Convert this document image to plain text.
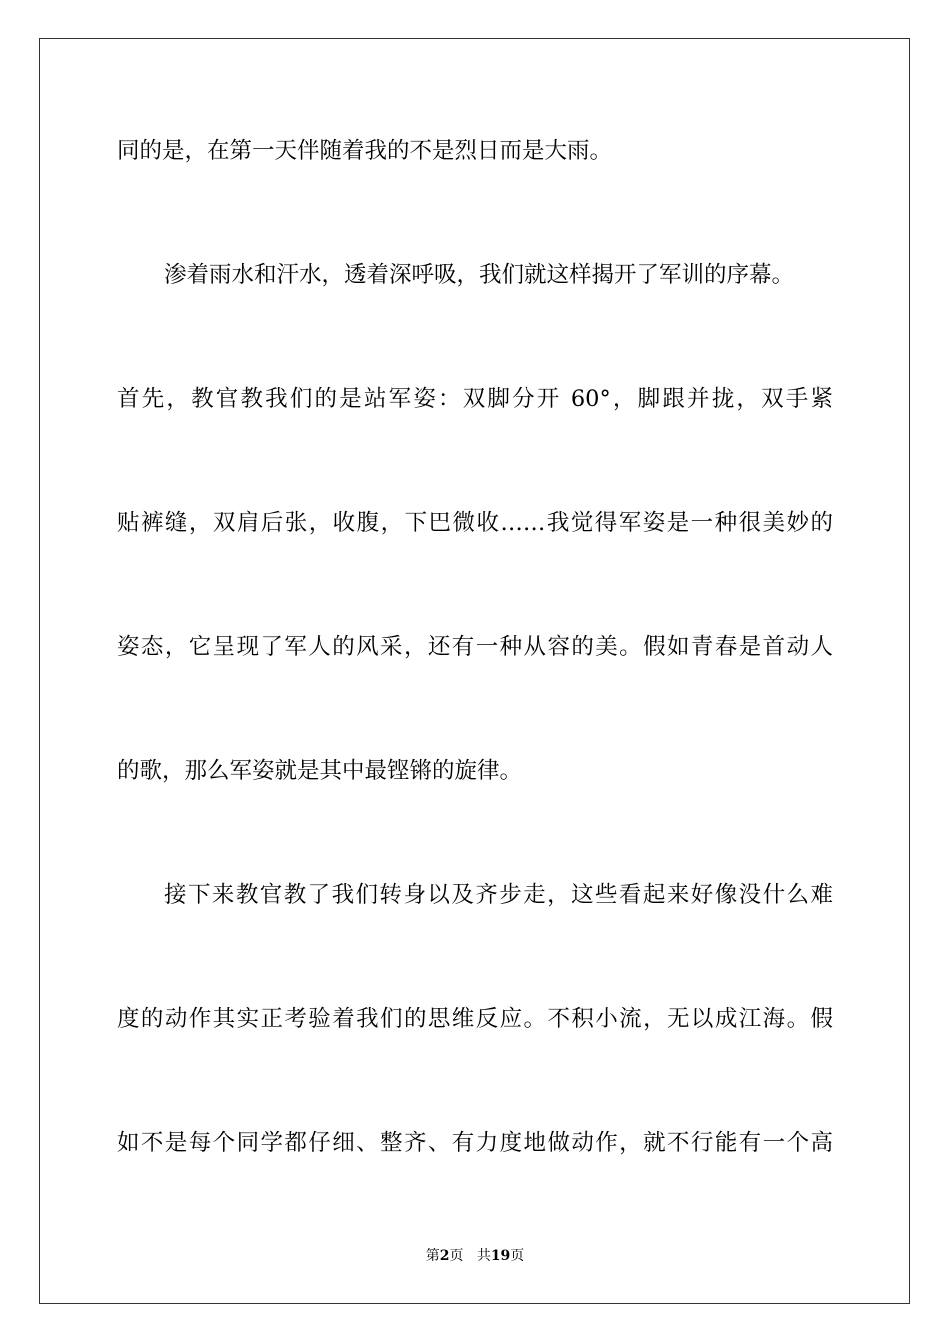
同的是，在第一天伴随着我的不是烈日而是大雨。
渗着雨水和汗水，透着深呼吸，我们就这样揭开了军训的序幕。
首先，教官教我们的是站军姿：双脚分开 60°，脚跟并拢，双手紧
贴裤缝，双肩后张，收腹，下巴微收……我觉得军姿是一种很美妙的
姿态，它呈现了军人的风采，还有一种从容的美。假如青春是首动人
的歌，那么军姿就是其中最铿锵的旋律。
接下来教官教了我们转身以及齐步走，这些看起来好像没什么难
度的动作其实正考验着我们的思维反应。不积小流，无以成江海。假
如不是每个同学都仔细、整齐、有力度地做动作，就不行能有一个高
第2页 共19页
